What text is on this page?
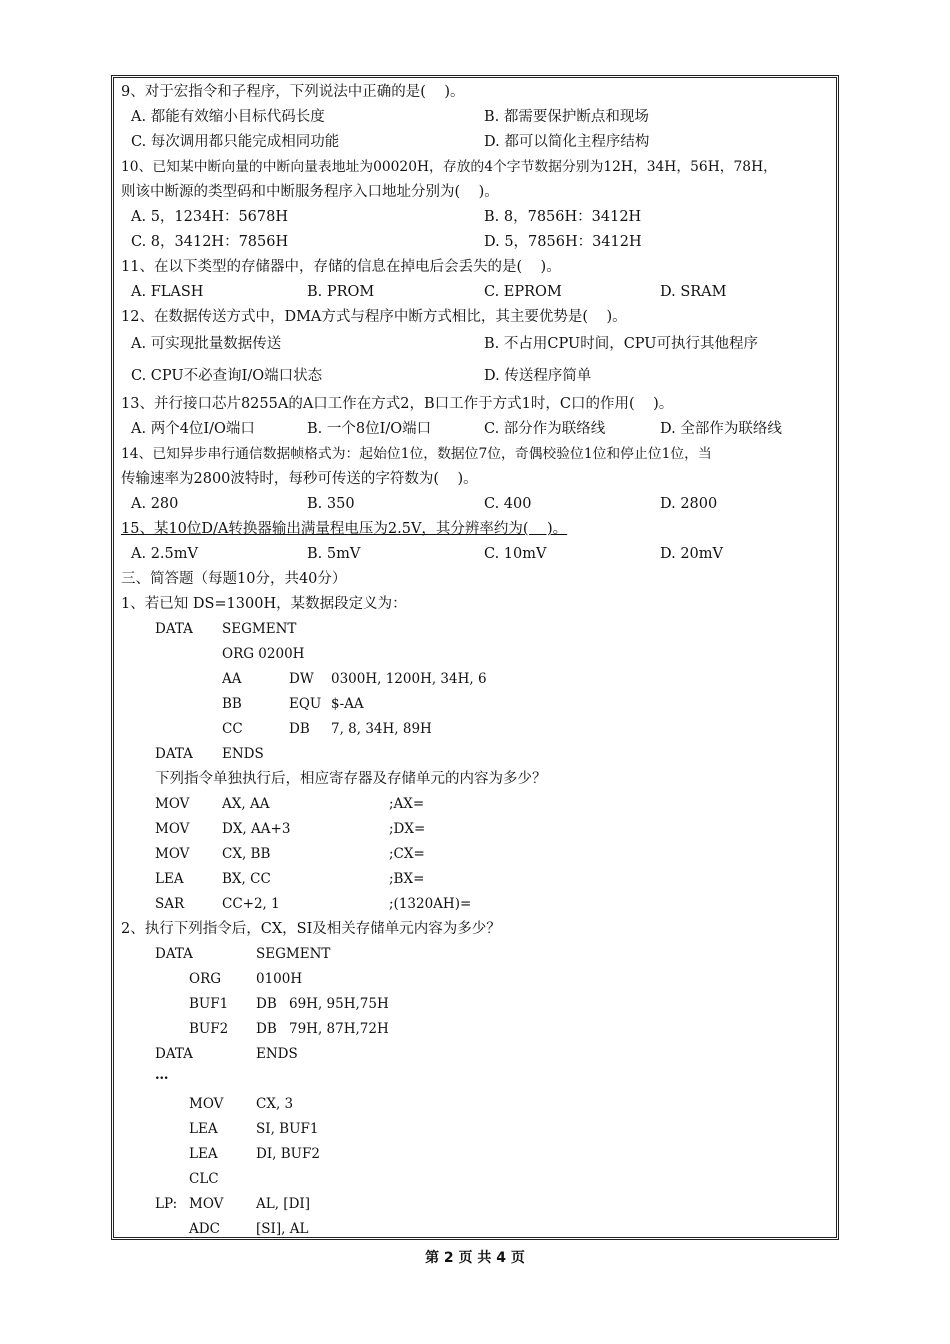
9、对于宏指令和子程序，下列说法中正确的是(    )。
A. 都能有效缩小目标代码长度	B. 都需要保护断点和现场
C. 每次调用都只能完成相同功能	D. 都可以简化主程序结构
10、已知某中断向量的中断向量表地址为00020H，存放的4个字节数据分别为12H，34H，56H，78H，
则该中断源的类型码和中断服务程序入口地址分别为(    )。
A. 5，1234H：5678H	B. 8，7856H：3412H
C. 8，3412H：7856H	D. 5，7856H：3412H
11、在以下类型的存储器中，存储的信息在掉电后会丢失的是(    )。
A. FLASH	B. PROM	C. EPROM	D. SRAM
12、在数据传送方式中，DMA方式与程序中断方式相比，其主要优势是(    )。
A. 可实现批量数据传送	B. 不占用CPU时间，CPU可执行其他程序
C. CPU不必查询I/O端口状态	D. 传送程序简单
13、并行接口芯片8255A的A口工作在方式2，B口工作于方式1时，C口的作用(    )。
A. 两个4位I/O端口	B. 一个8位I/O端口	C. 部分作为联络线	D. 全部作为联络线
14、已知异步串行通信数据帧格式为：起始位1位，数据位7位，奇偶校验位1位和停止位1位，当
传输速率为2800波特时，每秒可传送的字符数为(    )。
A. 280	B. 350	C. 400	D. 2800
15、某10位D/A转换器输出满量程电压为2.5V，其分辨率约为(    )。
A. 2.5mV	B. 5mV	C. 10mV	D. 20mV
三、简答题（每题10分，共40分）
1、若已知 DS=1300H，某数据段定义为：
DATA SEGMENT
ORG 0200H
AA	DW 0300H, 1200H, 34H, 6
BB	EQU $-AA
CC	DB 7, 8, 34H, 89H
DATA ENDS
下列指令单独执行后，相应寄存器及存储单元的内容为多少？
MOV AX, AA	;AX=
MOV DX, AA+3	;DX=
MOV CX, BB	;CX=
LEA	BX, CC	;BX=
SAR	CC+2, 1	;(1320AH)=
2、执行下列指令后，CX，SI及相关存储单元内容为多少？
DATA	SEGMENT
ORG	0100H
BUF1 DB 69H, 95H,75H
BUF2 DB 79H, 87H,72H
DATA	ENDS
…
MOV CX, 3
LEA	SI, BUF1
LEA	DI, BUF2
CLC
LP: MOV AL, [DI]
ADC	[SI], AL
第 2 页 共 4 页
